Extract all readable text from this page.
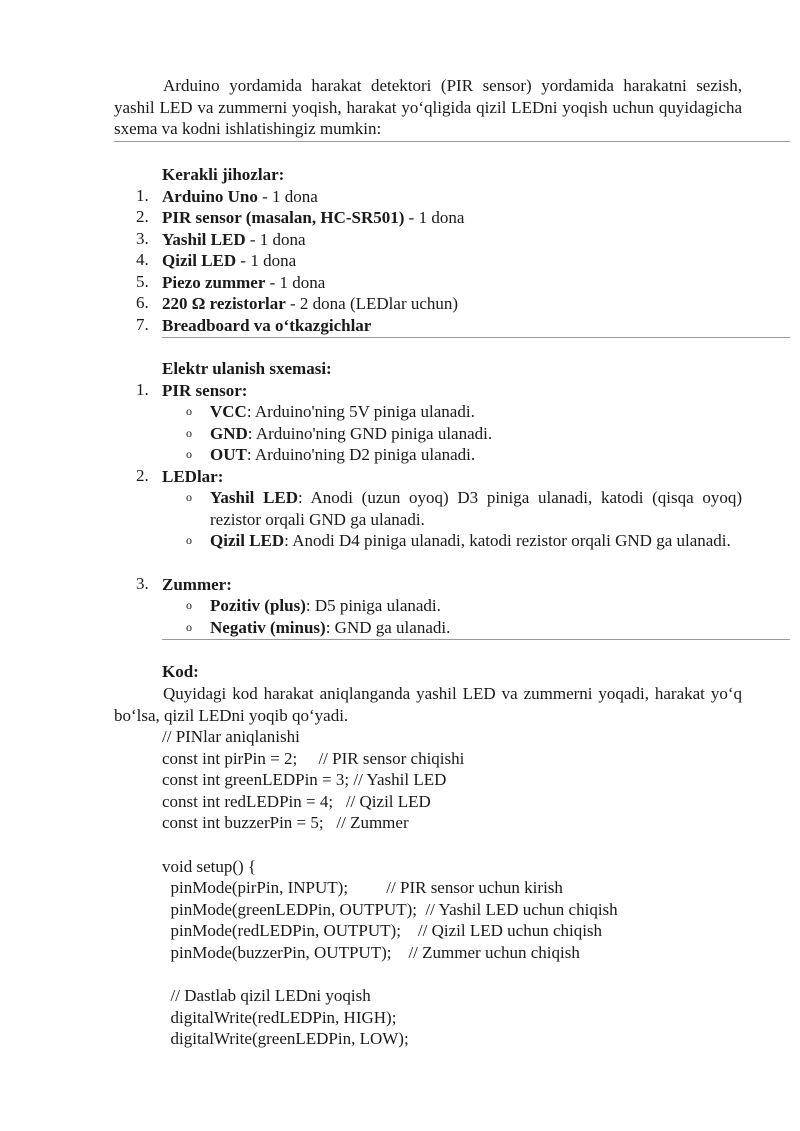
Arduino yordamida harakat detektori (PIR sensor) yordamida harakatni sezish, yashil LED va zummerni yoqish, harakat yo‘qligida qizil LEDni yoqish uchun quyidagicha sxema va kodni ishlatishingiz mumkin:
Kerakli jihozlar:
1. Arduino Uno - 1 dona
2. PIR sensor (masalan, HC-SR501) - 1 dona
3. Yashil LED - 1 dona
4. Qizil LED - 1 dona
5. Piezo zummer - 1 dona
6. 220 Ω rezistorlar - 2 dona (LEDlar uchun)
7. Breadboard va o‘tkazgichlar
Elektr ulanish sxemasi:
1. PIR sensor:
o VCC: Arduino'ning 5V piniga ulanadi.
o GND: Arduino'ning GND piniga ulanadi.
o OUT: Arduino'ning D2 piniga ulanadi.
2. LEDlar:
o Yashil LED: Anodi (uzun oyoq) D3 piniga ulanadi, katodi (qisqa oyoq) rezistor orqali GND ga ulanadi.
o Qizil LED: Anodi D4 piniga ulanadi, katodi rezistor orqali GND ga ulanadi.
3. Zummer:
o Pozitiv (plus): D5 piniga ulanadi.
o Negativ (minus): GND ga ulanadi.
Kod:
Quyidagi kod harakat aniqlanganda yashil LED va zummerni yoqadi, harakat yo‘q bo‘lsa, qizil LEDni yoqib qo‘yadi.
// PINlar aniqlanishi
const int pirPin = 2;     // PIR sensor chiqishi
const int greenLEDPin = 3; // Yashil LED
const int redLEDPin = 4;   // Qizil LED
const int buzzerPin = 5;   // Zummer
void setup() {
pinMode(pirPin, INPUT);         // PIR sensor uchun kirish
pinMode(greenLEDPin, OUTPUT);  // Yashil LED uchun chiqish
pinMode(redLEDPin, OUTPUT);    // Qizil LED uchun chiqish
pinMode(buzzerPin, OUTPUT);    // Zummer uchun chiqish
// Dastlab qizil LEDni yoqish
digitalWrite(redLEDPin, HIGH);
digitalWrite(greenLEDPin, LOW);
